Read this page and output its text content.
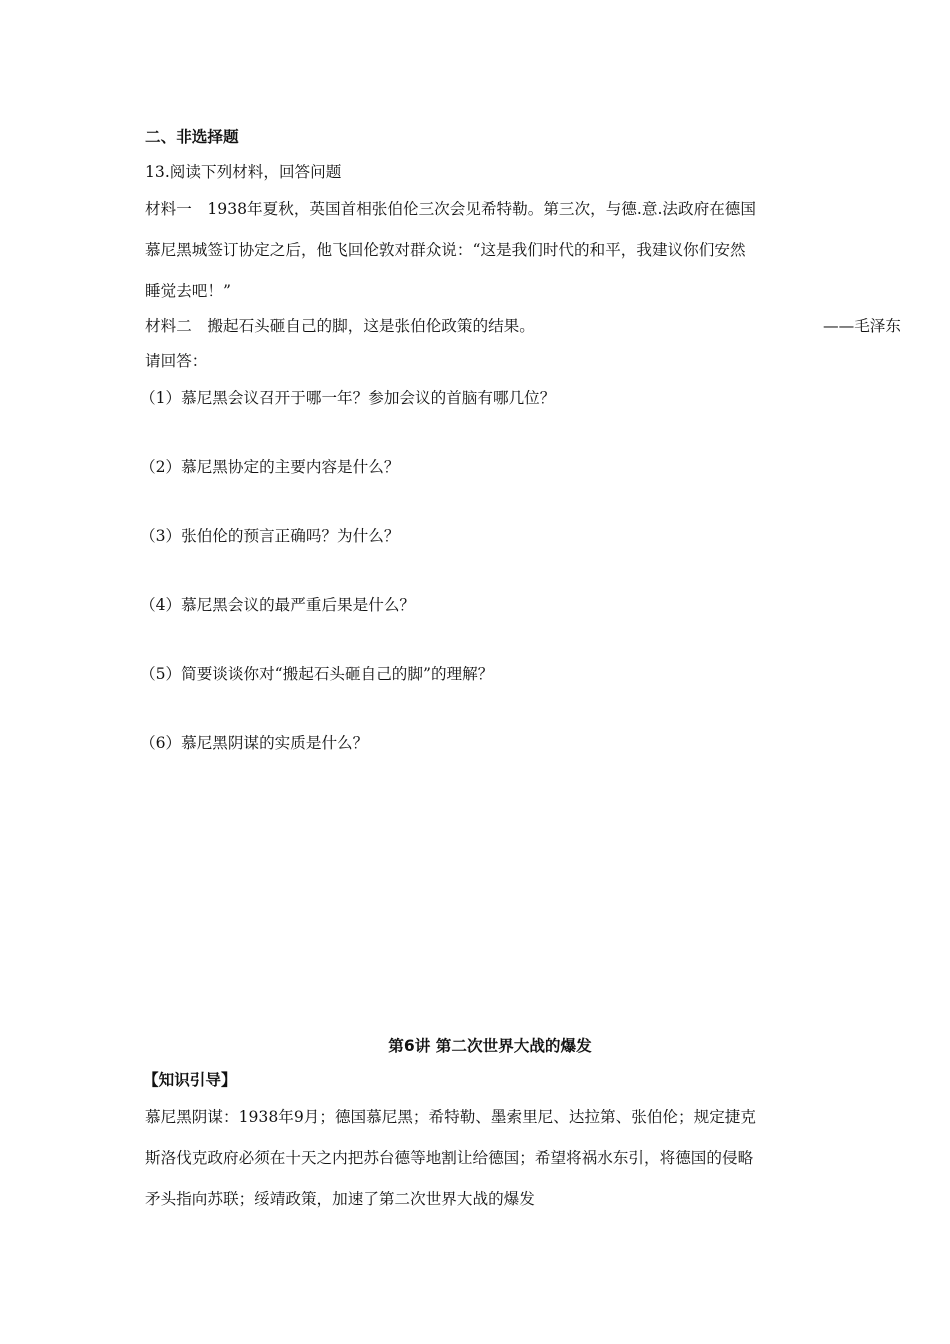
二、非选择题
13.阅读下列材料，回答问题
材料一　1938年夏秋，英国首相张伯伦三次会见希特勒。第三次，与德.意.法政府在德国
慕尼黑城签订协定之后，他飞回伦敦对群众说：“这是我们时代的和平，我建议你们安然
睡觉去吧！”
材料二　搬起石头砸自己的脚，这是张伯伦政策的结果。	——毛泽东
请回答：
（1）慕尼黑会议召开于哪一年？参加会议的首脑有哪几位？
（2）慕尼黑协定的主要内容是什么？
（3）张伯伦的预言正确吗？为什么？
（4）慕尼黑会议的最严重后果是什么？
（5）简要谈谈你对“搬起石头砸自己的脚”的理解？
（6）慕尼黑阴谋的实质是什么？
第6讲 第二次世界大战的爆发
【知识引导】
慕尼黑阴谋：1938年9月；德国慕尼黑；希特勒、墨索里尼、达拉第、张伯伦；规定捷克
斯洛伐克政府必须在十天之内把苏台德等地割让给德国；希望将祸水东引，将德国的侵略
矛头指向苏联；绥靖政策，加速了第二次世界大战的爆发
